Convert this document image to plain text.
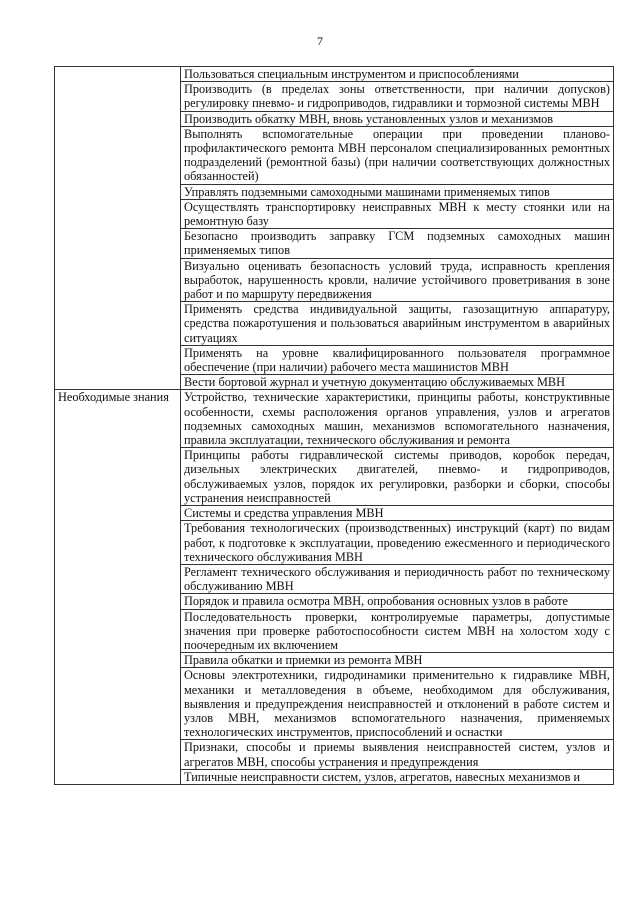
7
	Пользоваться специальным инструментом и приспособлениями
	Производить (в пределах зоны ответственности, при наличии допусков) регулировку пневмо- и гидроприводов, гидравлики и тормозной системы МВН
	Производить обкатку МВН, вновь установленных узлов и механизмов
	Выполнять вспомогательные операции при проведении планово-профилактического ремонта МВН персоналом специализированных ремонтных подразделений (ремонтной базы) (при наличии соответствующих должностных обязанностей)
	Управлять подземными самоходными машинами применяемых типов
	Осуществлять транспортировку неисправных МВН к месту стоянки или на ремонтную базу
	Безопасно производить заправку ГСМ подземных самоходных машин применяемых типов
	Визуально оценивать безопасность условий труда, исправность крепления выработок, нарушенность кровли, наличие устойчивого проветривания в зоне работ и по маршруту передвижения
	Применять средства индивидуальной защиты, газозащитную аппаратуру, средства пожаротушения и пользоваться аварийным инструментом в аварийных ситуациях
	Применять на уровне квалифицированного пользователя программное обеспечение (при наличии) рабочего места машинистов МВН
	Вести бортовой журнал и учетную документацию обслуживаемых МВН
Необходимые знания	Устройство, технические характеристики, принципы работы, конструктивные особенности, схемы расположения органов управления, узлов и агрегатов подземных самоходных машин, механизмов вспомогательного назначения, правила эксплуатации, технического обслуживания и ремонта
	Принципы работы гидравлической системы приводов, коробок передач, дизельных электрических двигателей, пневмо- и гидроприводов, обслуживаемых узлов, порядок их регулировки, разборки и сборки, способы устранения неисправностей
	Системы и средства управления МВН
	Требования технологических (производственных) инструкций (карт) по видам работ, к подготовке к эксплуатации, проведению ежесменного и периодического технического обслуживания МВН
	Регламент технического обслуживания и периодичность работ по техническому обслуживанию МВН
	Порядок и правила осмотра МВН, опробования основных узлов в работе
	Последовательность проверки, контролируемые параметры, допустимые значения при проверке работоспособности систем МВН на холостом ходу с поочередным их включением
	Правила обкатки и приемки из ремонта МВН
	Основы электротехники, гидродинамики применительно к гидравлике МВН, механики и металловедения в объеме, необходимом для обслуживания, выявления и предупреждения неисправностей и отклонений в работе систем и узлов МВН, механизмов вспомогательного назначения, применяемых технологических инструментов, приспособлений и оснастки
	Признаки, способы и приемы выявления неисправностей систем, узлов и агрегатов МВН, способы устранения и предупреждения
	Типичные неисправности систем, узлов, агрегатов, навесных механизмов и
